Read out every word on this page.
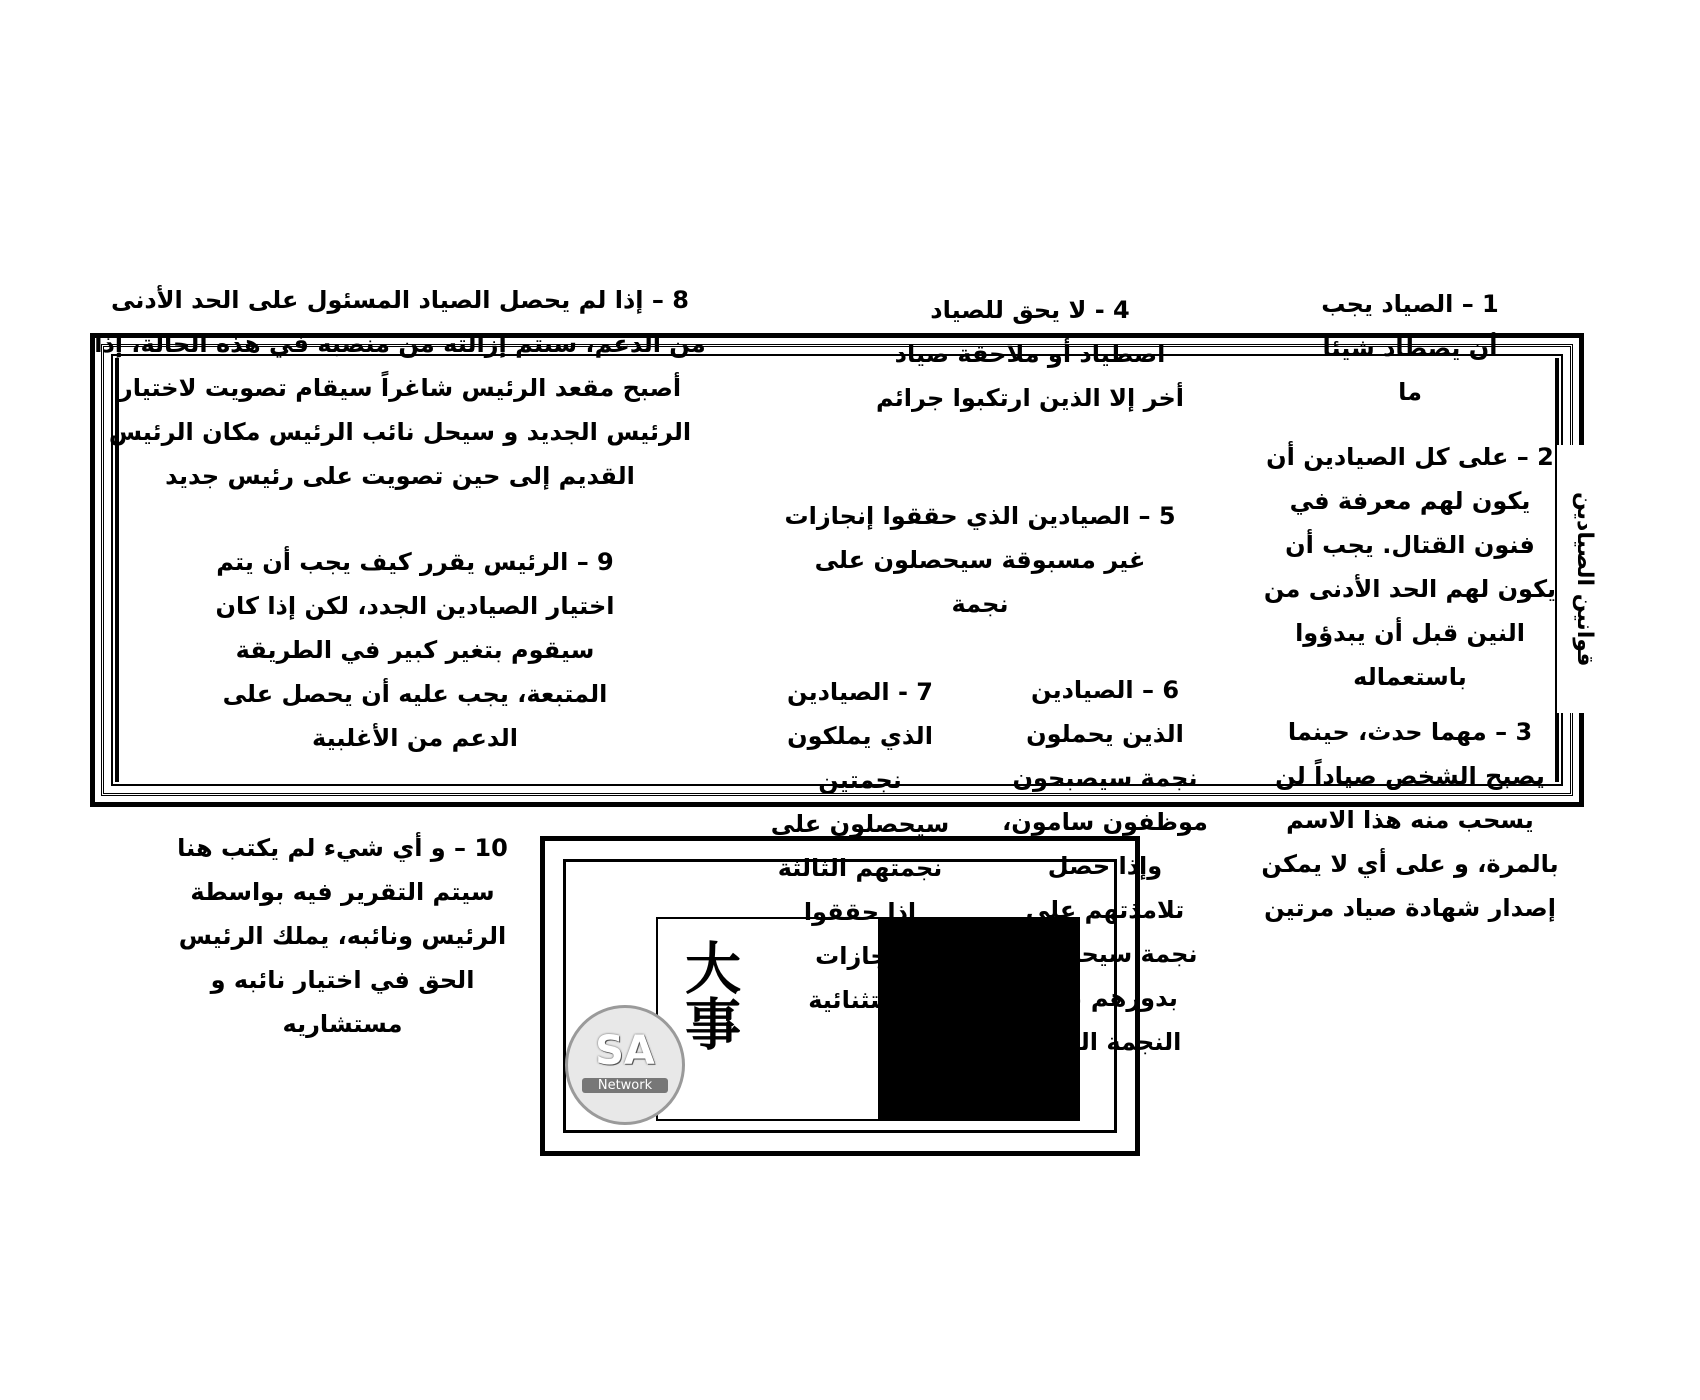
قوانين الصيادين
大事
SA
Network
1 – الصياد يجب
أن يصطاد شيئا
ما
2 – على كل الصيادين أن
يكون لهم معرفة في
فنون القتال. يجب أن
يكون لهم الحد الأدنى من
النين قبل أن يبدؤوا
باستعماله
3 – مهما حدث، حينما
يصبح الشخص صياداً لن
يسحب منه هذا الاسم
بالمرة، و على أي لا يمكن
إصدار شهادة صياد مرتين
4 - لا يحق للصياد
اصطياد أو ملاحقة صياد
أخر إلا الذين ارتكبوا جرائم
5 – الصيادين الذي حققوا إنجازات
غير مسبوقة سيحصلون على
نجمة
6 – الصيادين
الذين يحملون
نجمة سيصبحون
موظفون سامون،
وإذا حصل
تلامذتهم على
نجمة سيحصلون
بدورهم على
النجمة الثانية
7 - الصيادين
الذي يملكون
نجمتين
سيحصلون على
نجمتهم الثالثة
إذا حققوا
إنجازات
استثنائية
8 – إذا لم يحصل الصياد المسئول على الحد الأدنى
من الدعم، سيتم إزالته من منصبه في هذه الحالة، إذا
أصبح مقعد الرئيس شاغراً سيقام تصويت لاختيار
الرئيس الجديد و سيحل نائب الرئيس مكان الرئيس
القديم إلى حين تصويت على رئيس جديد
9 – الرئيس يقرر كيف يجب أن يتم
اختيار الصيادين الجدد، لكن إذا كان
سيقوم بتغير كبير في الطريقة
المتبعة، يجب عليه أن يحصل على
الدعم من الأغلبية
10 – و أي شيء لم يكتب هنا
سيتم التقرير فيه بواسطة
الرئيس ونائبه، يملك الرئيس
الحق في اختيار نائبه و
مستشاريه
